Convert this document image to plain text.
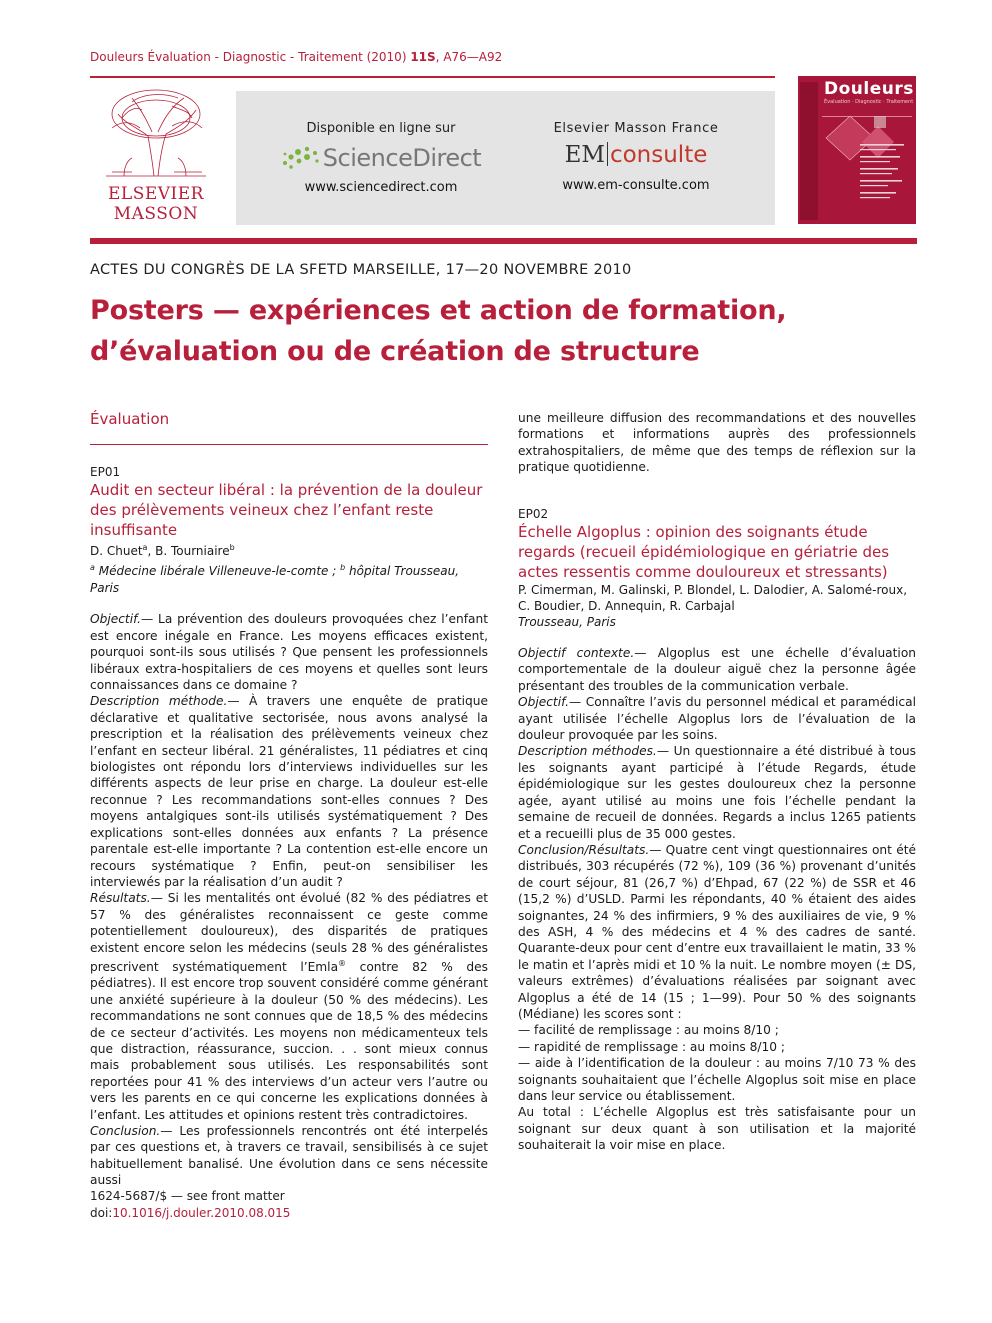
Douleurs Évaluation - Diagnostic - Traitement (2010) 11S, A76—A92
ELSEVIER
MASSON
Disponible en ligne sur
ScienceDirect
www.sciencedirect.com
Elsevier Masson France
EM consulte
www.em-consulte.com
Douleurs
Évaluation · Diagnostic · Traitement
ACTES DU CONGRÈS DE LA SFETD MARSEILLE, 17—20 NOVEMBRE 2010
Posters — expériences et action de formation,
d’évaluation ou de création de structure
Évaluation
EP01
Audit en secteur libéral : la prévention de la douleur des prélèvements veineux chez l’enfant reste insuffisante
D. Chuet$^a$, B. Tourniaire$^b$
$^a$ Médecine libérale Villeneuve-le-comte ; $^b$ hôpital Trousseau, Paris

Objectif.— La prévention des douleurs provoquées chez l’enfant est encore inégale en France. Les moyens efficaces existent, pourquoi sont-ils sous utilisés ? Que pensent les professionnels libéraux extra-hospitaliers de ces moyens et quelles sont leurs connaissances dans ce domaine ?

Description méthode.— À travers une enquête de pratique déclarative et qualitative sectorisée, nous avons analysé la prescription et la réalisation des prélèvements veineux chez l’enfant en secteur libéral. 21 généralistes, 11 pédiatres et cinq biologistes ont répondu lors d’interviews individuelles sur les différents aspects de leur prise en charge. La douleur est-elle reconnue ? Les recommandations sont-elles connues ? Des moyens antalgiques sont-ils utilisés systématiquement ? Des explications sont-elles données aux enfants ? La présence parentale est-elle importante ? La contention est-elle encore un recours systématique ? Enfin, peut-on sensibiliser les interviewés par la réalisation d’un audit ?

Résultats.— Si les mentalités ont évolué (82 % des pédiatres et 57 % des généralistes reconnaissent ce geste comme potentiellement douloureux), des disparités de pratiques existent encore selon les médecins (seuls 28 % des généralistes prescrivent systématiquement l’Emla® contre 82 % des pédiatres). Il est encore trop souvent considéré comme générant une anxiété supérieure à la douleur (50 % des médecins). Les recommandations ne sont connues que de 18,5 % des médecins de ce secteur d’activités. Les moyens non médicamenteux tels que distraction, réassurance, succion. . . sont mieux connus mais probablement sous utilisés. Les responsabilités sont reportées pour 41 % des interviews d’un acteur vers l’autre ou vers les parents en ce qui concerne les explications données à l’enfant. Les attitudes et opinions restent très contradictoires.

Conclusion.— Les professionnels rencontrés ont été interpelés par ces questions et, à travers ce travail, sensibilisés à ce sujet habituellement banalisé. Une évolution dans ce sens nécessite aussi

une meilleure diffusion des recommandations et des nouvelles formations et informations auprès des professionnels extrahospitaliers, de même que des temps de réflexion sur la pratique quotidienne.

EP02
Échelle Algoplus : opinion des soignants étude regards (recueil épidémiologique en gériatrie des actes ressentis comme douloureux et stressants)
P. Cimerman, M. Galinski, P. Blondel, L. Dalodier, A. Salomé-roux, C. Boudier, D. Annequin, R. Carbajal
Trousseau, Paris

Objectif contexte.— Algoplus est une échelle d’évaluation comportementale de la douleur aiguë chez la personne âgée présentant des troubles de la communication verbale.

Objectif.— Connaître l’avis du personnel médical et paramédical ayant utilisée l’échelle Algoplus lors de l’évaluation de la douleur provoquée par les soins.

Description méthodes.— Un questionnaire a été distribué à tous les soignants ayant participé à l’étude Regards, étude épidémiologique sur les gestes douloureux chez la personne agée, ayant utilisé au moins une fois l’échelle pendant la semaine de recueil de données. Regards a inclus 1265 patients et a recueilli plus de 35 000 gestes.

Conclusion/Résultats.— Quatre cent vingt questionnaires ont été distribués, 303 récupérés (72 %), 109 (36 %) provenant d’unités de court séjour, 81 (26,7 %) d’Ehpad, 67 (22 %) de SSR et 46 (15,2 %) d’USLD. Parmi les répondants, 40 % étaient des aides soignantes, 24 % des infirmiers, 9 % des auxiliaires de vie, 9 % des ASH, 4 % des médecins et 4 % des cadres de santé. Quarante-deux pour cent d’entre eux travaillaient le matin, 33 % le matin et l’après midi et 10 % la nuit. Le nombre moyen (± DS, valeurs extrêmes) d’évaluations réalisées par soignant avec Algoplus a été de 14 (15 ; 1—99). Pour 50 % des soignants (Médiane) les scores sont :

— facilité de remplissage : au moins 8/10 ;

— rapidité de remplissage : au moins 8/10 ;

— aide à l’identification de la douleur : au moins 7/10 73 % des soignants souhaitaient que l’échelle Algoplus soit mise en place dans leur service ou établissement.

Au total : L’échelle Algoplus est très satisfaisante pour un soignant sur deux quant à son utilisation et la majorité souhaiterait la voir mise en place.

1624-5687/$ — see front matter
doi:10.1016/j.douler.2010.08.015
